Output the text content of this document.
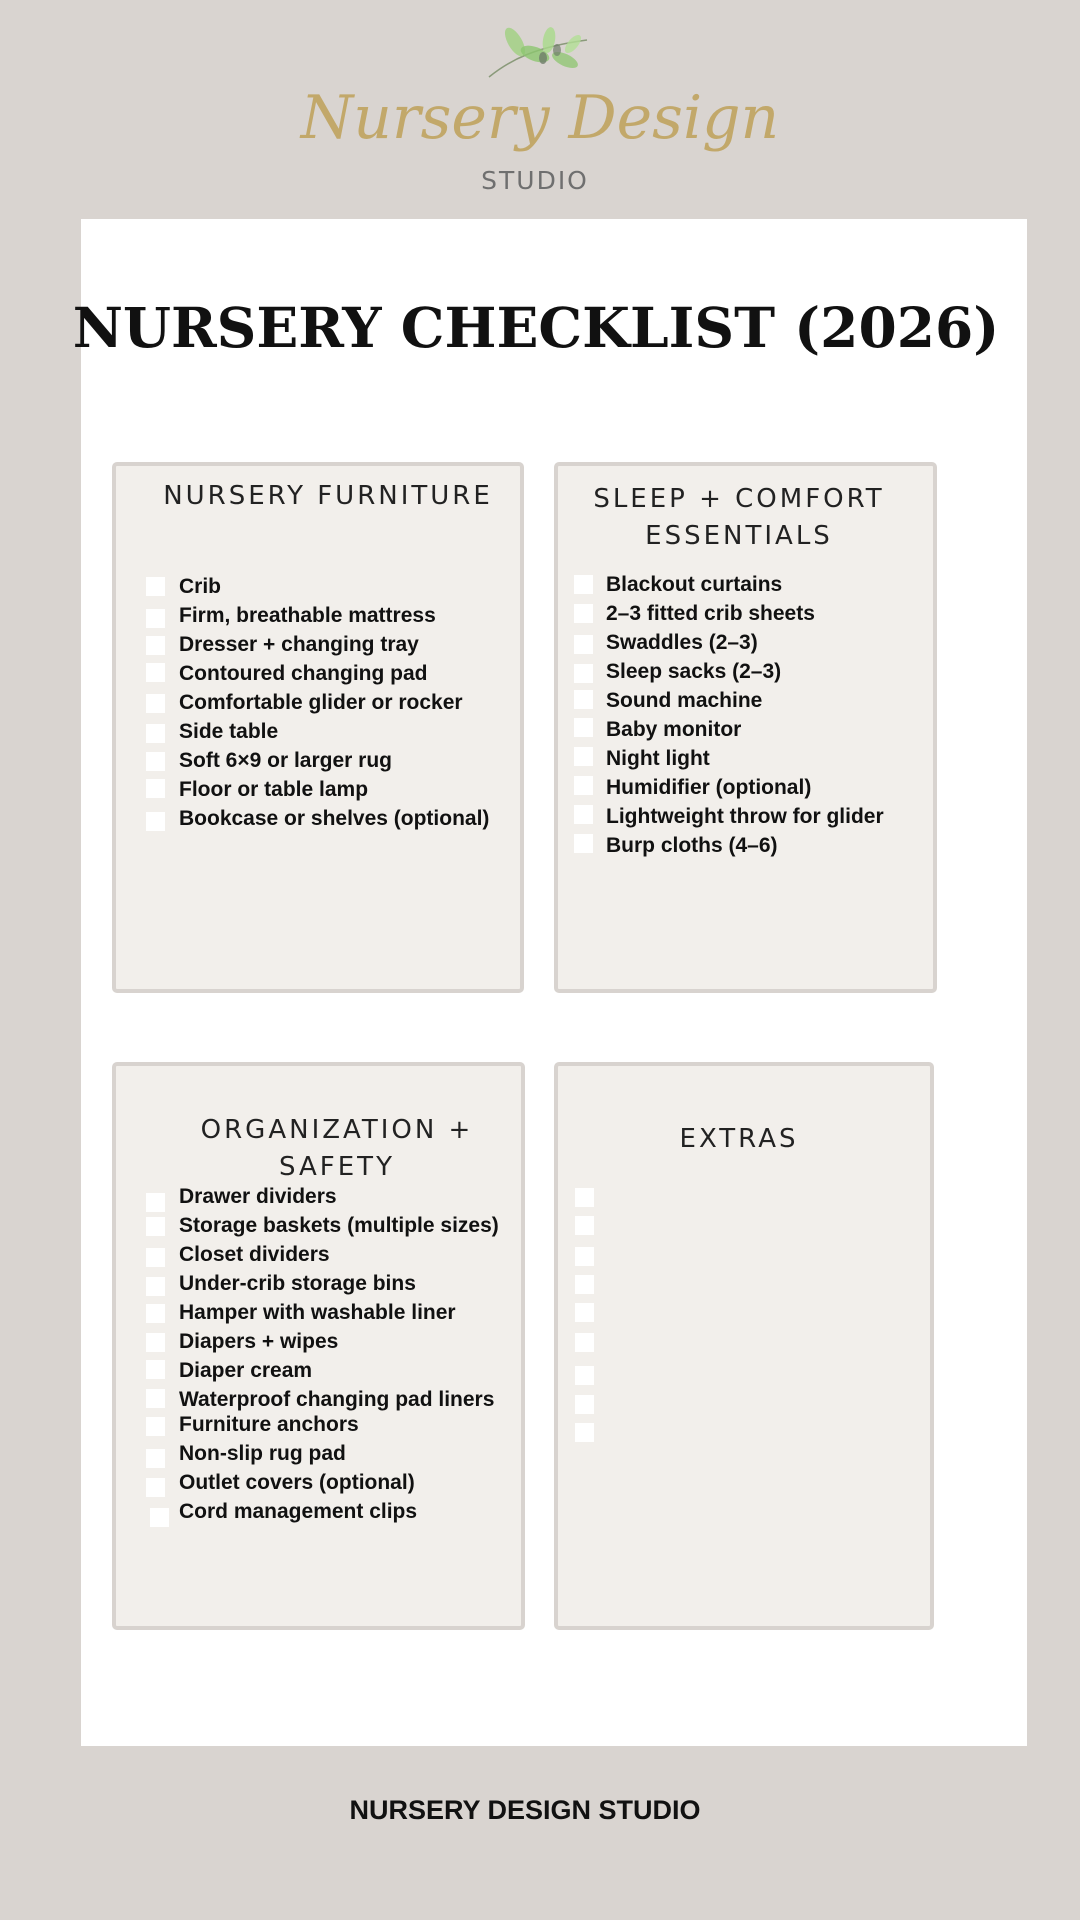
Nursery Design
STUDIO
NURSERY CHECKLIST (2026)
NURSERY FURNITURE
Crib
Firm, breathable mattress
Dresser + changing tray
Contoured changing pad
Comfortable glider or rocker
Side table
Soft 6×9 or larger rug
Floor or table lamp
Bookcase or shelves (optional)
SLEEP + COMFORT
ESSENTIALS
Blackout curtains
2–3 fitted crib sheets
Swaddles (2–3)
Sleep sacks (2–3)
Sound machine
Baby monitor
Night light
Humidifier (optional)
Lightweight throw for glider
Burp cloths (4–6)
ORGANIZATION +
SAFETY
Drawer dividers
Storage baskets (multiple sizes)
Closet dividers
Under-crib storage bins
Hamper with washable liner
Diapers + wipes
Diaper cream
Waterproof changing pad liners
Furniture anchors
Non-slip rug pad
Outlet covers (optional)
Cord management clips
EXTRAS
NURSERY DESIGN STUDIO
